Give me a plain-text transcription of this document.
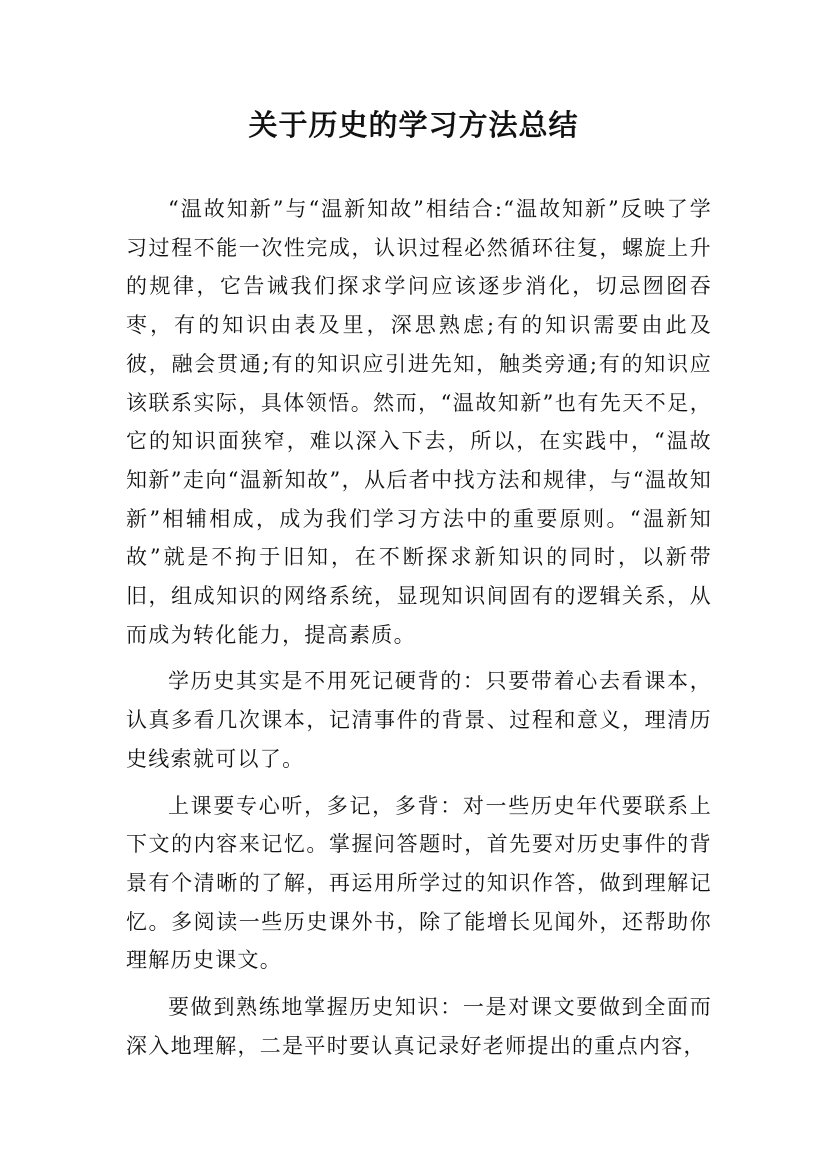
关于历史的学习方法总结

“温故知新”与“温新知故”相结合:“温故知新”反映了学习过程不能一次性完成，认识过程必然循环往复，螺旋上升的规律，它告诫我们探求学问应该逐步消化，切忌囫囵吞枣，有的知识由表及里，深思熟虑;有的知识需要由此及彼，融会贯通;有的知识应引进先知，触类旁通;有的知识应该联系实际，具体领悟。然而，“温故知新”也有先天不足，它的知识面狭窄，难以深入下去，所以，在实践中，“温故知新”走向“温新知故”，从后者中找方法和规律，与“温故知新”相辅相成，成为我们学习方法中的重要原则。“温新知故”就是不拘于旧知，在不断探求新知识的同时，以新带旧，组成知识的网络系统，显现知识间固有的逻辑关系，从而成为转化能力，提高素质。

学历史其实是不用死记硬背的：只要带着心去看课本，认真多看几次课本，记清事件的背景、过程和意义，理清历史线索就可以了。

上课要专心听，多记，多背：对一些历史年代要联系上下文的内容来记忆。掌握问答题时，首先要对历史事件的背景有个清晰的了解，再运用所学过的知识作答，做到理解记忆。多阅读一些历史课外书，除了能增长见闻外，还帮助你理解历史课文。

要做到熟练地掌握历史知识：一是对课文要做到全面而深入地理解，二是平时要认真记录好老师提出的重点内容，
